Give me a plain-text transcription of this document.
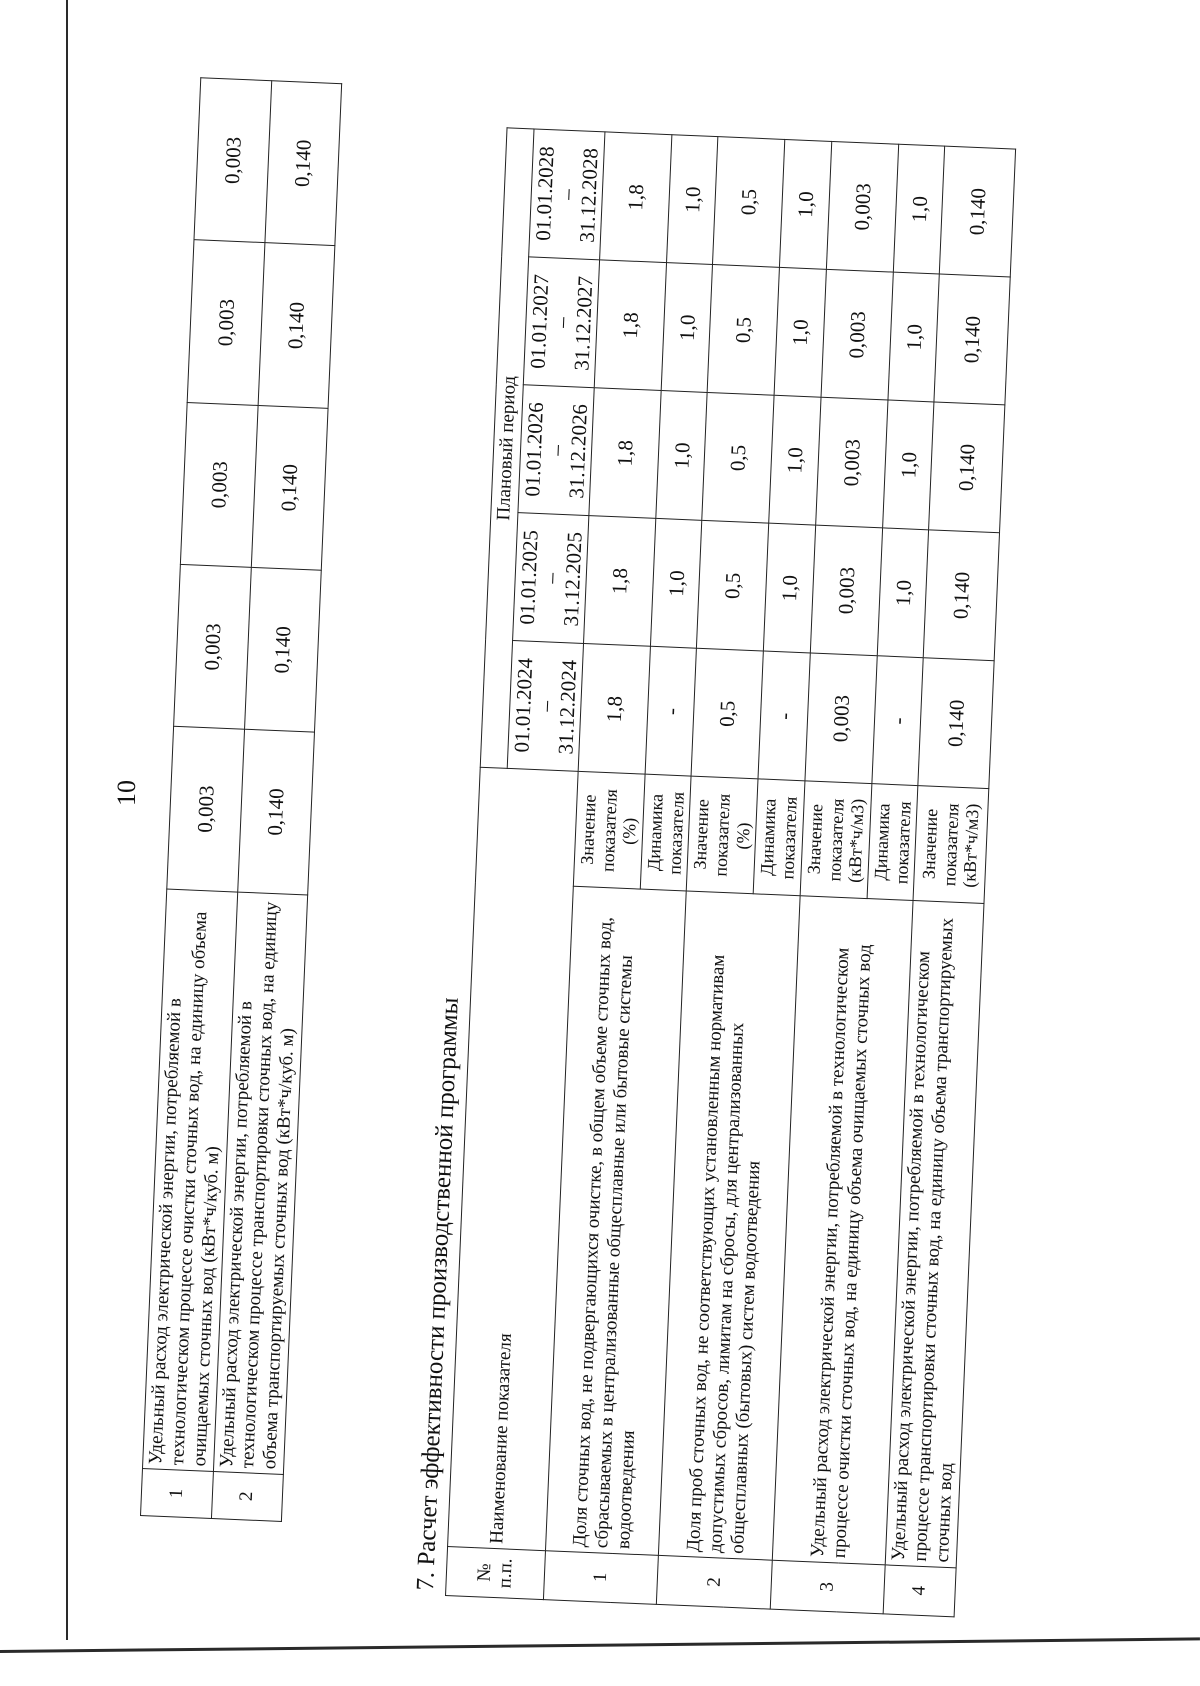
10
1	Удельный расход электрической энергии, потребляемой в технологическом процессе очистки сточных вод, на единицу объема очищаемых сточных вод (кВт*ч/куб. м)	0,003	0,003	0,003	0,003	0,003
2	Удельный расход электрической энергии, потребляемой в технологическом процессе транспортировки сточных вод, на единицу объема транспортируемых сточных вод (кВт*ч/куб. м)	0,140	0,140	0,140	0,140	0,140
7. Расчет эффективности производственной программы № п.п.	Наименование показателя		Плановый период				
			01.01.2024
–
31.12.2024	01.01.2025
–
31.12.2025	01.01.2026
–
31.12.2026	01.01.2027
–
31.12.2027	01.01.2028
–
31.12.2028
1	Доля сточных вод, не подвергающихся очистке, в общем объеме сточных вод, сбрасываемых в централизованные общесплавные или бытовые системы водоотведения	Значение показателя (%)	1,8	1,8	1,8	1,8	1,8
		Динамика показателя	-	1,0	1,0	1,0	1,0
2	Доля проб сточных вод, не соответствующих установленным нормативам допустимых сбросов, лимитам на сбросы, для централизованных общесплавных (бытовых) систем водоотведения	Значение показателя (%)	0,5	0,5	0,5	0,5	0,5
		Динамика показателя	-	1,0	1,0	1,0	1,0
3	Удельный расход электрической энергии, потребляемой в технологическом процессе очистки сточных вод, на единицу объема очищаемых сточных вод	Значение показателя (кВт*ч/м3)	0,003	0,003	0,003	0,003	0,003
		Динамика показателя	-	1,0	1,0	1,0	1,0
4	Удельный расход электрической энергии, потребляемой в технологическом процессе транспортировки сточных вод, на единицу объема транспортируемых сточных вод	Значение показателя (кВт*ч/м3)	0,140	0,140	0,140	0,140	0,140
